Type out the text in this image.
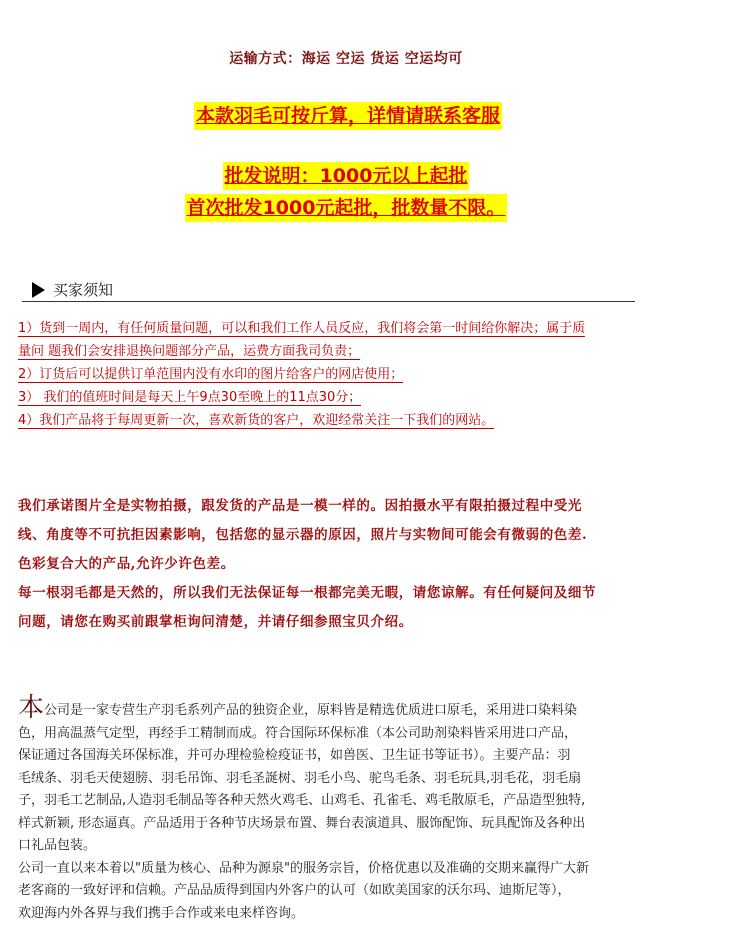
运输方式：海运 空运 货运 空运均可
本款羽毛可按斤算，详情请联系客服
批发说明：1000元以上起批
首次批发1000元起批，批数量不限。
买家须知
1）货到一周内，有任何质量问题，可以和我们工作人员反应，我们将会第一时间给你解决；属于质
量问 题我们会安排退换问题部分产品，运费方面我司负责；
2）订货后可以提供订单范围内没有水印的图片给客户的网店使用；
3） 我们的值班时间是每天上午9点30至晚上的11点30分；
4）我们产品将于每周更新一次，喜欢新货的客户，欢迎经常关注一下我们的网站。
我们承诺图片全是实物拍摄，跟发货的产品是一模一样的。因拍摄水平有限拍摄过程中受光
线、角度等不可抗拒因素影响，包括您的显示器的原因，照片与实物间可能会有微弱的色差.
色彩复合大的产品,允许少许色差。
每一根羽毛都是天然的，所以我们无法保证每一根都完美无暇，请您谅解。有任何疑问及细节
问题，请您在购买前跟掌柜询问清楚，并请仔细参照宝贝介绍。
本公司是一家专营生产羽毛系列产品的独资企业，原料皆是精选优质进口原毛，采用进口染料染
色，用高温蒸气定型，再经手工精制而成。符合国际环保标准（本公司助剂染料皆采用进口产品，
保证通过各国海关环保标准，并可办理检验检疫证书，如兽医、卫生证书等证书）。主要产品：羽
毛绒条、羽毛天使翅膀、羽毛吊饰、羽毛圣誕树、羽毛小鸟、驼鸟毛条、羽毛玩具,羽毛花，羽毛扇
子，羽毛工艺制品,人造羽毛制品等各种天然火鸡毛、山鸡毛、孔雀毛、鸡毛散原毛，产品造型独特,
样式新颖, 形态逼真。产品适用于各种节庆场景布置、舞台表演道具、服饰配饰、玩具配饰及各种出
口礼品包装。
公司一直以来本着以"质量为核心、品种为源泉"的服务宗旨，价格优惠以及准确的交期来赢得广大新
老客商的一致好评和信赖。产品品质得到国内外客户的认可（如欧美国家的沃尔玛、迪斯尼等），
欢迎海内外各界与我们携手合作或来电来样咨询。
